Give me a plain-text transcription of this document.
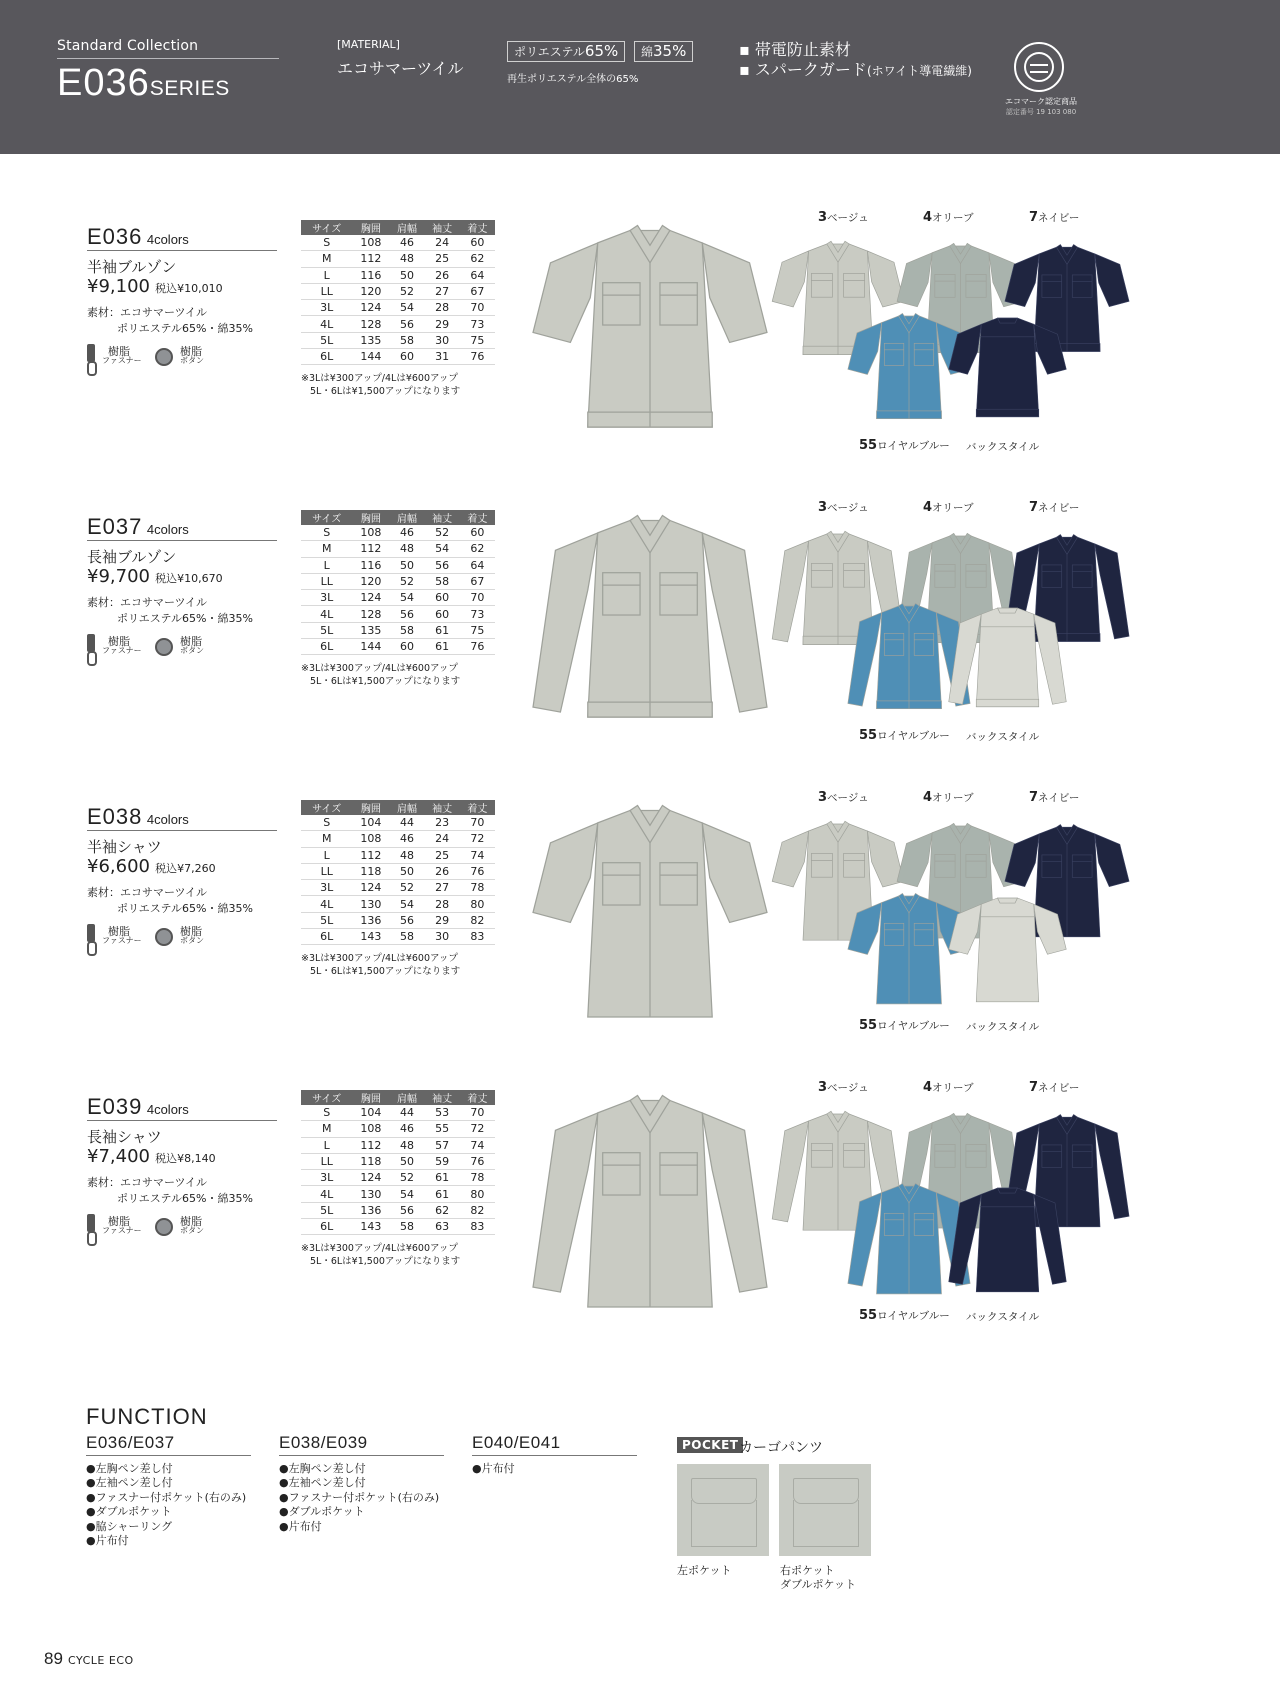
Standard Collection
E036SERIES
[MATERIAL]
エコサマーツイル
ポリエステル65%	綿35%
再生ポリエステル全体の65%
▪ 帯電防止素材
▪ スパークガード(ホワイト導電繊維)
エコマーク認定商品
認定番号 19 103 080
E036 4colors
半袖ブルゾン
¥9,100 税込¥10,010
素材：エコサマーツイル
ポリエステル65%・綿35%
樹脂
ファスナー
樹脂
ボタン
サイズ	胸囲	肩幅	袖丈	着丈
S	108	46	24	60
M	112	48	25	62
L	116	50	26	64
LL	120	52	27	67
3L	124	54	28	70
4L	128	56	29	73
5L	135	58	30	75
6L	144	60	31	76
※3Lは¥300アップ/4Lは¥600アップ
5L・6Lは¥1,500アップになります
3ベージュ	4オリーブ	7ネイビー
55ロイヤルブルー バックスタイル
E037 4colors
長袖ブルゾン
¥9,700 税込¥10,670
素材：エコサマーツイル
ポリエステル65%・綿35%
樹脂
ファスナー
樹脂
ボタン
サイズ	胸囲	肩幅	袖丈	着丈
S	108	46	52	60
M	112	48	54	62
L	116	50	56	64
LL	120	52	58	67
3L	124	54	60	70
4L	128	56	60	73
5L	135	58	61	75
6L	144	60	61	76
※3Lは¥300アップ/4Lは¥600アップ
5L・6Lは¥1,500アップになります
3ベージュ	4オリーブ	7ネイビー
55ロイヤルブルー バックスタイル
E038 4colors
半袖シャツ
¥6,600 税込¥7,260
素材：エコサマーツイル
ポリエステル65%・綿35%
樹脂
ファスナー
樹脂
ボタン
サイズ	胸囲	肩幅	袖丈	着丈
S	104	44	23	70
M	108	46	24	72
L	112	48	25	74
LL	118	50	26	76
3L	124	52	27	78
4L	130	54	28	80
5L	136	56	29	82
6L	143	58	30	83
※3Lは¥300アップ/4Lは¥600アップ
5L・6Lは¥1,500アップになります
3ベージュ	4オリーブ	7ネイビー
55ロイヤルブルー バックスタイル
E039 4colors
長袖シャツ
¥7,400 税込¥8,140
素材：エコサマーツイル
ポリエステル65%・綿35%
樹脂
ファスナー
樹脂
ボタン
サイズ	胸囲	肩幅	袖丈	着丈
S	104	44	53	70
M	108	46	55	72
L	112	48	57	74
LL	118	50	59	76
3L	124	52	61	78
4L	130	54	61	80
5L	136	56	62	82
6L	143	58	63	83
※3Lは¥300アップ/4Lは¥600アップ
5L・6Lは¥1,500アップになります
3ベージュ	4オリーブ	7ネイビー
55ロイヤルブルー バックスタイル
FUNCTION
E036/E037
●左胸ペン差し付
●左袖ペン差し付
●ファスナー付ポケット(右のみ)
●ダブルポケット
●脇シャーリング
●片布付
E038/E039
●左胸ペン差し付
●左袖ペン差し付
●ファスナー付ポケット(右のみ)
●ダブルポケット
●片布付
E040/E041
●片布付
POCKET カーゴパンツ
左ポケット	右ポケット
ダブルポケット
89 CYCLE ECO
